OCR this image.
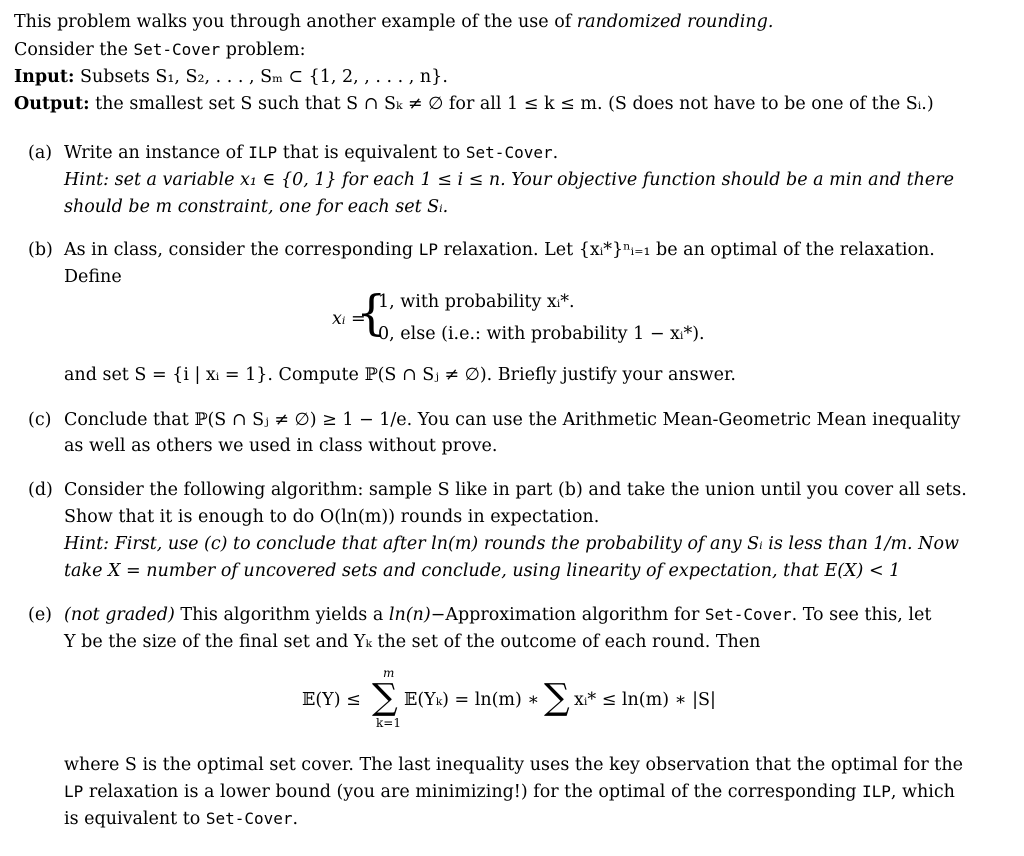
This problem walks you through another example of the use of randomized rounding.
Consider the Set-Cover problem:
Input: Subsets S₁, S₂, . . . , Sₘ ⊂ {1, 2, , . . . , n}.
Output: the smallest set S such that S ∩ Sₖ ≠ ∅ for all 1 ≤ k ≤ m. (S does not have to be one of the Sᵢ.)
(a) Write an instance of ILP that is equivalent to Set-Cover.
Hint: set a variable x₁ ∈ {0, 1} for each 1 ≤ i ≤ n. Your objective function should be a min and there
should be m constraint, one for each set Sᵢ.
(b) As in class, consider the corresponding LP relaxation. Let {xᵢ*}ⁿᵢ₌₁ be an optimal of the relaxation.
Define
xᵢ =
{
1, with probability xᵢ*.
0, else (i.e.: with probability 1 − xᵢ*).
and set S = {i | xᵢ = 1}. Compute ℙ(S ∩ Sⱼ ≠ ∅). Briefly justify your answer.
(c) Conclude that ℙ(S ∩ Sⱼ ≠ ∅) ≥ 1 − 1/e. You can use the Arithmetic Mean-Geometric Mean inequality
as well as others we used in class without prove.
(d) Consider the following algorithm: sample S like in part (b) and take the union until you cover all sets.
Show that it is enough to do O(ln(m)) rounds in expectation.
Hint: First, use (c) to conclude that after ln(m) rounds the probability of any Sᵢ is less than 1/m. Now
take X = number of uncovered sets and conclude, using linearity of expectation, that E(X) < 1
(e) (not graded) This algorithm yields a ln(n)−Approximation algorithm for Set-Cover. To see this, let
Y be the size of the final set and Yₖ the set of the outcome of each round. Then
𝔼(Y) ≤
m
∑
k=1
𝔼(Yₖ) = ln(m) ∗ ∑ xᵢ* ≤ ln(m) ∗ |S|
where S is the optimal set cover. The last inequality uses the key observation that the optimal for the
LP relaxation is a lower bound (you are minimizing!) for the optimal of the corresponding ILP, which
is equivalent to Set-Cover.
